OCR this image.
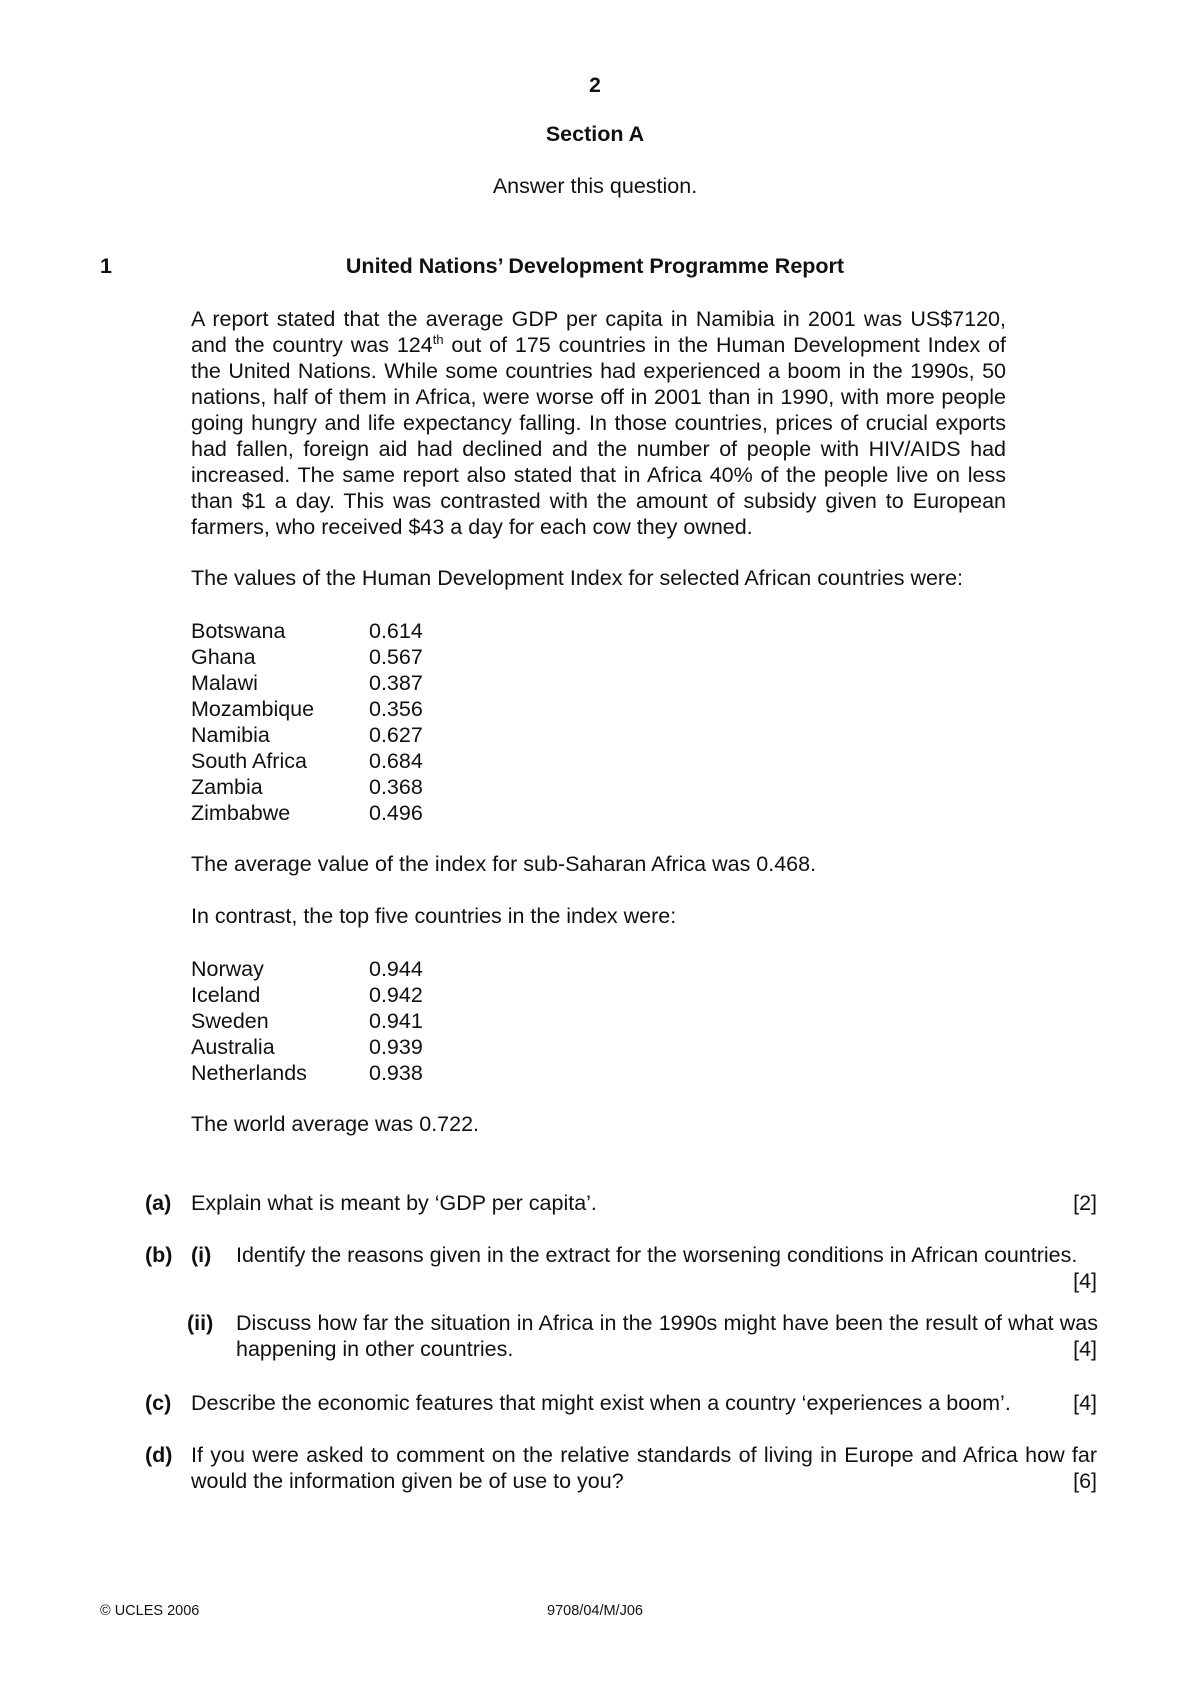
2
Section A
Answer this question.
1	United Nations’ Development Programme Report

A report stated that the average GDP per capita in Namibia in 2001 was US$7120, and the country was 124th out of 175 countries in the Human Development Index of the United Nations. While some countries had experienced a boom in the 1990s, 50 nations, half of them in Africa, were worse off in 2001 than in 1990, with more people going hungry and life expectancy falling. In those countries, prices of crucial exports had fallen, foreign aid had declined and the number of people with HIV/AIDS had increased. The same report also stated that in Africa 40% of the people live on less than $1 a day. This was contrasted with the amount of subsidy given to European farmers, who received $43 a day for each cow they owned.

The values of the Human Development Index for selected African countries were:

Botswana	0.614
Ghana	0.567
Malawi	0.387
Mozambique	0.356
Namibia	0.627
South Africa	0.684
Zambia	0.368
Zimbabwe	0.496

The average value of the index for sub-Saharan Africa was 0.468.

In contrast, the top five countries in the index were:

Norway	0.944
Iceland	0.942
Sweden	0.941
Australia	0.939
Netherlands	0.938

The world average was 0.722.

(a) Explain what is meant by ‘GDP per capita’.	[2]
(b) (i) Identify the reasons given in the extract for the worsening conditions in African countries.
[4]
(ii) Discuss how far the situation in Africa in the 1990s might have been the result of what was happening in other countries.	[4]
(c) Describe the economic features that might exist when a country ‘experiences a boom’.	[4]
(d) If you were asked to comment on the relative standards of living in Europe and Africa how far would the information given be of use to you?	[6]
© UCLES 2006	9708/04/M/J06
